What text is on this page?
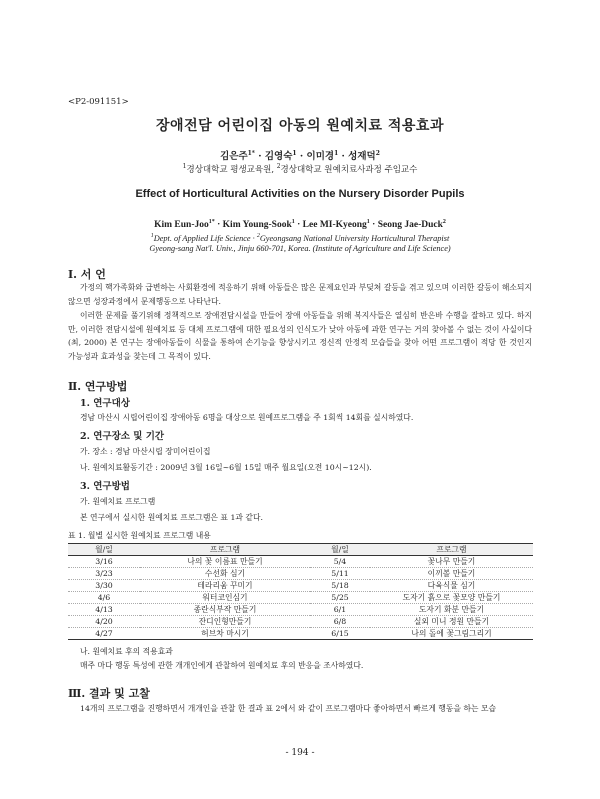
<P2-091151>
장애전담 어린이집 아동의 원예치료 적용효과
김은주$^{1*}$ · 김영숙$^1$ · 이미경$^1$ · 성재덕$^2$
$^1$경상대학교 평생교육원, $^2$경상대학교 원예치료사과정 주임교수
Effect of Horticultural Activities on the Nursery Disorder Pupils
Kim Eun-Joo$^{1*}$ · Kim Young-Sook$^1$ · Lee MI-Kyeong$^1$ · Seong Jae-Duck$^2$
$^1$Dept. of Applied Life Science · $^2$Gyeongsang National University Horticultural Therapist
Gyeong-sang Nat'l. Univ., Jinju 660-701, Korea. (Institute of Agriculture and Life Science)
Ⅰ. 서 언
가정의 핵가족화와 급변하는 사회환경에 적응하기 위해 아동들은 많은 문제요인과 부딪쳐 갈등을 겪고 있으며 이러한 갈등이 해소되지 않으면 성장과정에서 문제행동으로 나타난다.
이러한 문제를 풀기위해 정책적으로 장애전담시설을 만들어 장애 아동들을 위해 복지사들은 열심히 반은바 수행을 잘하고 있다. 하지만, 이러한 전담시설에 원예치료 등 대체 프로그램에 대한 필요성의 인식도가 낮아 아동에 과한 연구는 거의 찾아볼 수 없는 것이 사실이다(최, 2000) 본 연구는 장애아동들이 식물을 통하여 손기능을 향상시키고 정신적 안정적 모습들을 찾아 어떤 프로그램이 적당 한 것인지 가능성과 효과성을 찾는데 그 목적이 있다.
Ⅱ. 연구방법
1. 연구대상
경남 마산시 시립어린이집 장애아동 6명을 대상으로 원예프로그램을 주 1회씩 14회를 실시하였다.
2. 연구장소 및 기간
가. 장소 : 경남 마산시립 장미어린이집
나. 원예치료활동기간 : 2009년 3월 16일~6월 15일 매주 월요일(오전 10시~12시).
3. 연구방법
가. 원예치료 프로그램
본 연구에서 실시한 원예치료 프로그램은 표 1과 같다.
표 1. 월별 실시한 원예치료 프로그램 내용
월/일	프로그램	월/일	프로그램
3/16	나의 꽃 이름표 만들기	5/4	꽃나무 만들기
3/23	수선화 심기	5/11	이끼볼 만들기
3/30	테라리움 꾸미기	5/18	다육식물 심기
4/6	워터코인심기	5/25	도자기 흙으로 꽃모양 만들기
4/13	종란식부작 만들기	6/1	도자기 화분 만들기
4/20	잔디인형만들기	6/8	실외 미니 정원 만들기
4/27	허브차 마시기	6/15	나의 돌에 꽃그림그리기
나. 원예치료 후의 적용효과
매주 마다 행동 특성에 관한 개개인에게 관찰하여 원예치료 후의 반응을 조사하였다.
Ⅲ. 결과 및 고찰
14개의 프로그램을 진행하면서 개개인을 관찰 한 결과 표 2에서 와 같이 프로그램마다 좋아하면서 빠르게 행동을 하는 모습
- 194 -
